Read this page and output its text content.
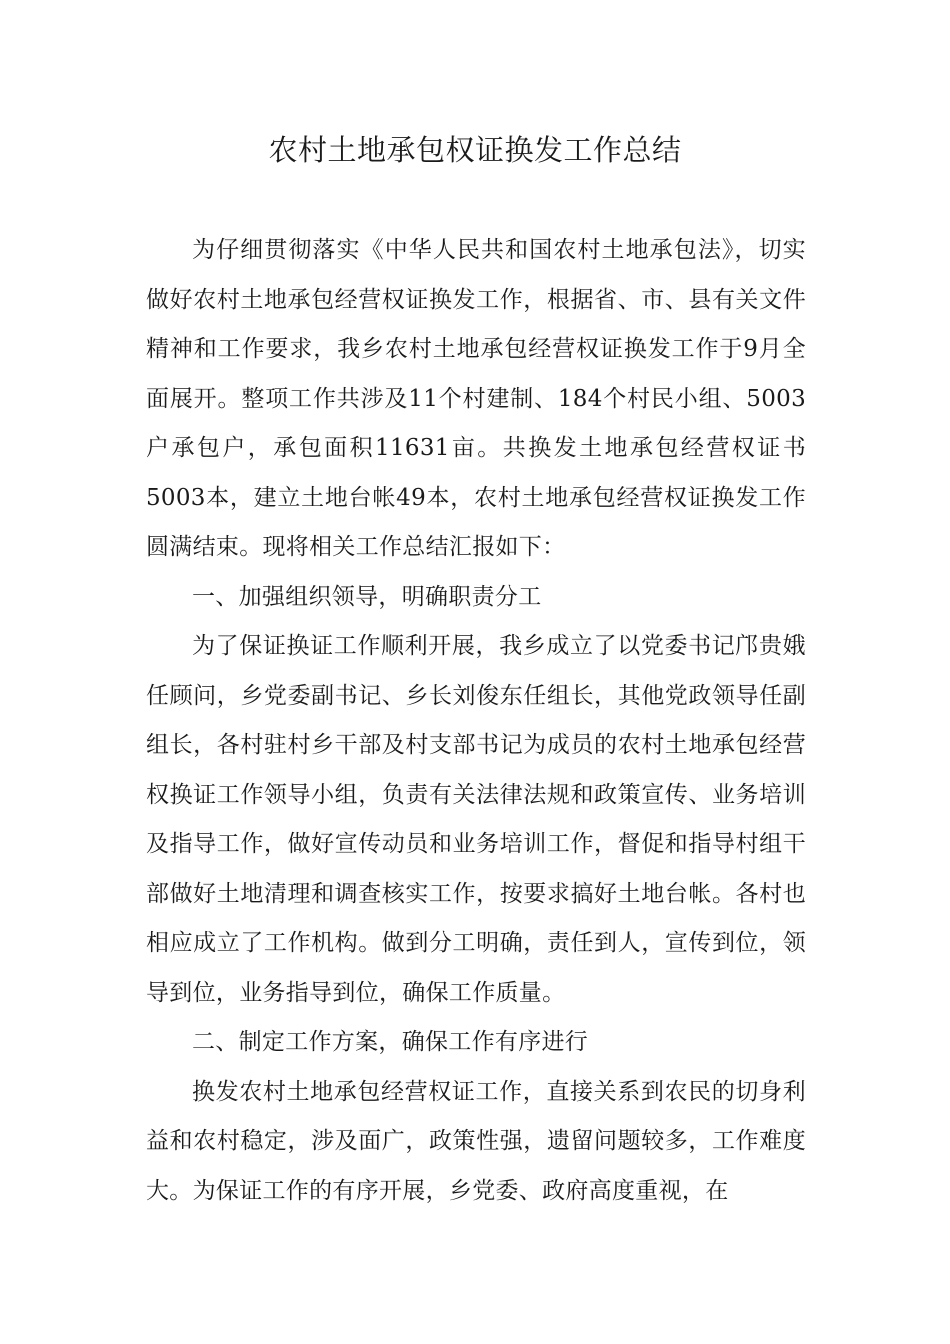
农村土地承包权证换发工作总结

为仔细贯彻落实《中华人民共和国农村土地承包法》，切实做好农村土地承包经营权证换发工作，根据省、市、县有关文件精神和工作要求，我乡农村土地承包经营权证换发工作于9月全面展开。整项工作共涉及11个村建制、184个村民小组、5003户承包户，承包面积11631亩。共换发土地承包经营权证书5003本，建立土地台帐49本，农村土地承包经营权证换发工作圆满结束。现将相关工作总结汇报如下：

一、加强组织领导，明确职责分工

为了保证换证工作顺利开展，我乡成立了以党委书记邝贵娥任顾问，乡党委副书记、乡长刘俊东任组长，其他党政领导任副组长，各村驻村乡干部及村支部书记为成员的农村土地承包经营权换证工作领导小组，负责有关法律法规和政策宣传、业务培训及指导工作，做好宣传动员和业务培训工作，督促和指导村组干部做好土地清理和调查核实工作，按要求搞好土地台帐。各村也相应成立了工作机构。做到分工明确，责任到人，宣传到位，领导到位，业务指导到位，确保工作质量。

二、制定工作方案，确保工作有序进行

换发农村土地承包经营权证工作，直接关系到农民的切身利益和农村稳定，涉及面广，政策性强，遗留问题较多，工作难度大。为保证工作的有序开展，乡党委、政府高度重视，在
